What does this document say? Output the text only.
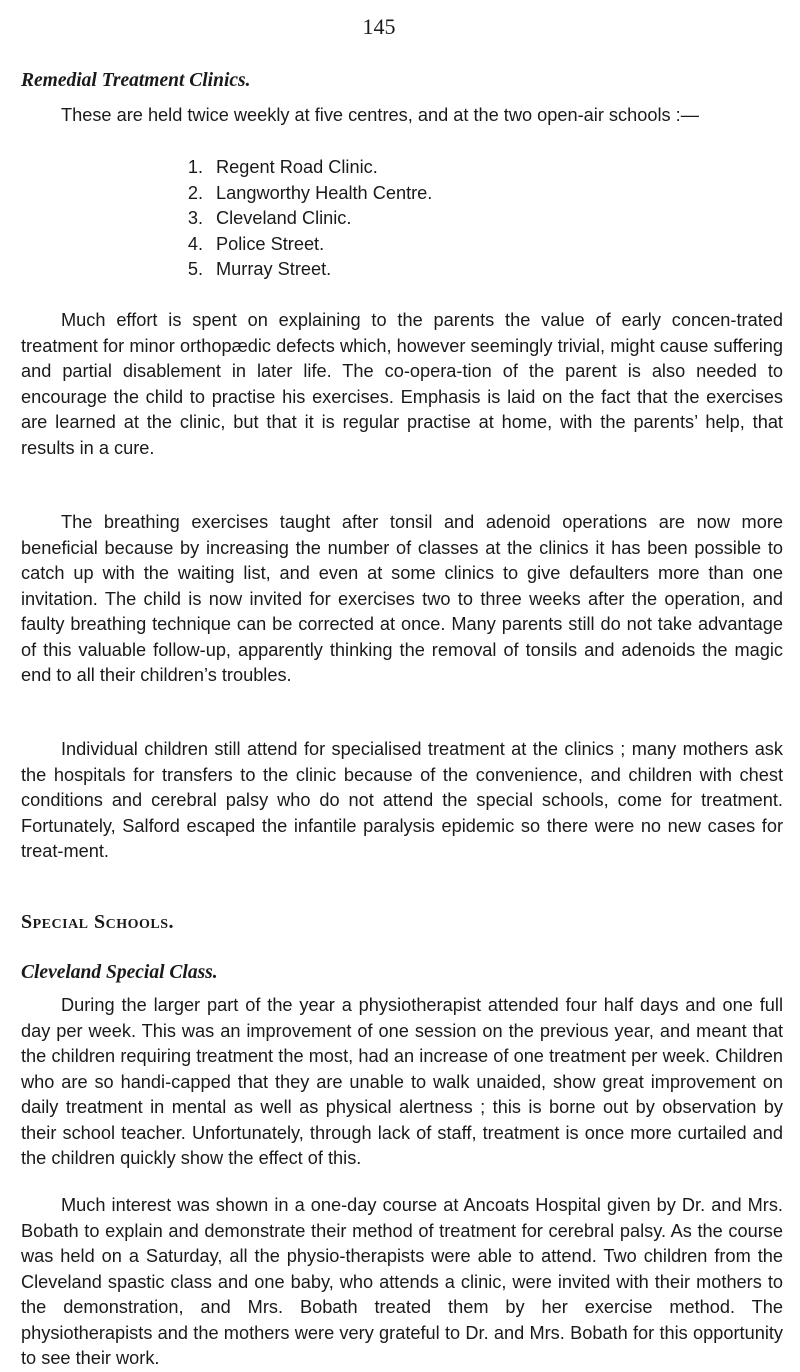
145
Remedial Treatment Clinics.

These are held twice weekly at five centres, and at the two open-air schools :—

1. Regent Road Clinic.
2. Langworthy Health Centre.
3. Cleveland Clinic.
4. Police Street.
5. Murray Street.

Much effort is spent on explaining to the parents the value of early concen-trated treatment for minor orthopædic defects which, however seemingly trivial, might cause suffering and partial disablement in later life. The co-opera-tion of the parent is also needed to encourage the child to practise his exercises. Emphasis is laid on the fact that the exercises are learned at the clinic, but that it is regular practise at home, with the parents’ help, that results in a cure.

The breathing exercises taught after tonsil and adenoid operations are now more beneficial because by increasing the number of classes at the clinics it has been possible to catch up with the waiting list, and even at some clinics to give defaulters more than one invitation. The child is now invited for exercises two to three weeks after the operation, and faulty breathing technique can be corrected at once. Many parents still do not take advantage of this valuable follow-up, apparently thinking the removal of tonsils and adenoids the magic end to all their children’s troubles.

Individual children still attend for specialised treatment at the clinics ; many mothers ask the hospitals for transfers to the clinic because of the convenience, and children with chest conditions and cerebral palsy who do not attend the special schools, come for treatment. Fortunately, Salford escaped the infantile paralysis epidemic so there were no new cases for treat-ment.

Special Schools.
Cleveland Special Class.

During the larger part of the year a physiotherapist attended four half days and one full day per week. This was an improvement of one session on the previous year, and meant that the children requiring treatment the most, had an increase of one treatment per week. Children who are so handi-capped that they are unable to walk unaided, show great improvement on daily treatment in mental as well as physical alertness ; this is borne out by observation by their school teacher. Unfortunately, through lack of staff, treatment is once more curtailed and the children quickly show the effect of this.

Much interest was shown in a one-day course at Ancoats Hospital given by Dr. and Mrs. Bobath to explain and demonstrate their method of treatment for cerebral palsy. As the course was held on a Saturday, all the physio-therapists were able to attend. Two children from the Cleveland spastic class and one baby, who attends a clinic, were invited with their mothers to the demonstration, and Mrs. Bobath treated them by her exercise method. The physiotherapists and the mothers were very grateful to Dr. and Mrs. Bobath for this opportunity to see their work.
